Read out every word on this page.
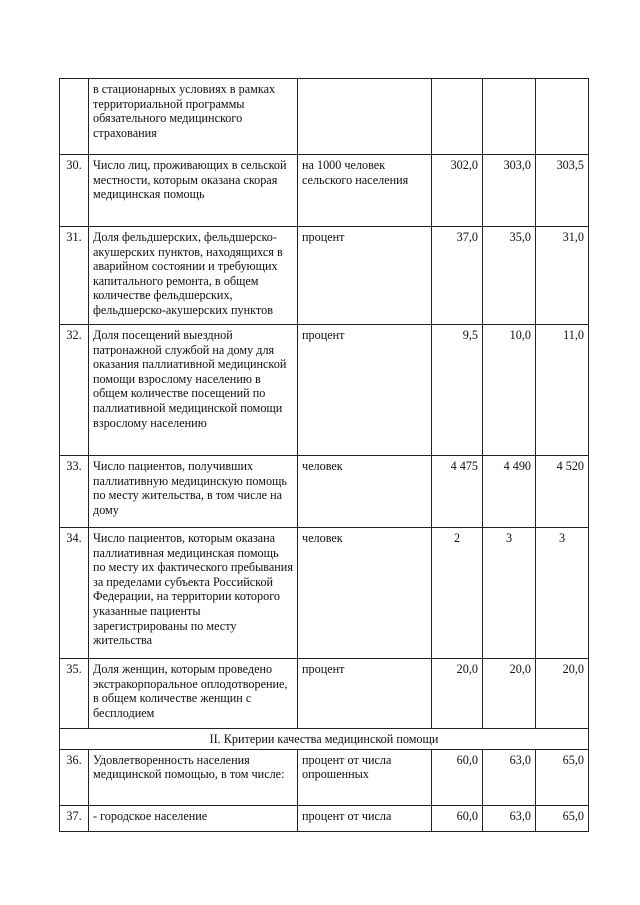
	в стационарных условиях в рамках территориальной программы обязательного медицинского страхования				
30.	Число лиц, проживающих в сельской местности, которым оказана скорая медицинская помощь	на 1000 человек сельского населения	302,0	303,0	303,5
31.	Доля фельдшерских, фельдшерско-акушерских пунктов, находящихся в аварийном состоянии и требующих капитального ремонта, в общем количестве фельдшерских, фельдшерско-акушерских пунктов	процент	37,0	35,0	31,0
32.	Доля посещений выездной патронажной службой на дому для оказания паллиативной медицинской помощи взрослому населению в общем количестве посещений по паллиативной медицинской помощи взрослому населению	процент	9,5	10,0	11,0
33.	Число пациентов, получивших паллиативную медицинскую помощь по месту жительства, в том числе на дому	человек	4 475	4 490	4 520
34.	Число пациентов, которым оказана паллиативная медицинская помощь по месту их фактического пребывания за пределами субъекта Российской Федерации, на территории которого указанные пациенты зарегистрированы по месту жительства	человек	2	3	3
35.	Доля женщин, которым проведено экстракорпоральное оплодотворение, в общем количестве женщин с бесплодием	процент	20,0	20,0	20,0
II. Критерии качества медицинской помощи					
36.	Удовлетворенность населения медицинской помощью, в том числе:	процент от числа опрошенных	60,0	63,0	65,0
37.	- городское население	процент от числа	60,0	63,0	65,0
